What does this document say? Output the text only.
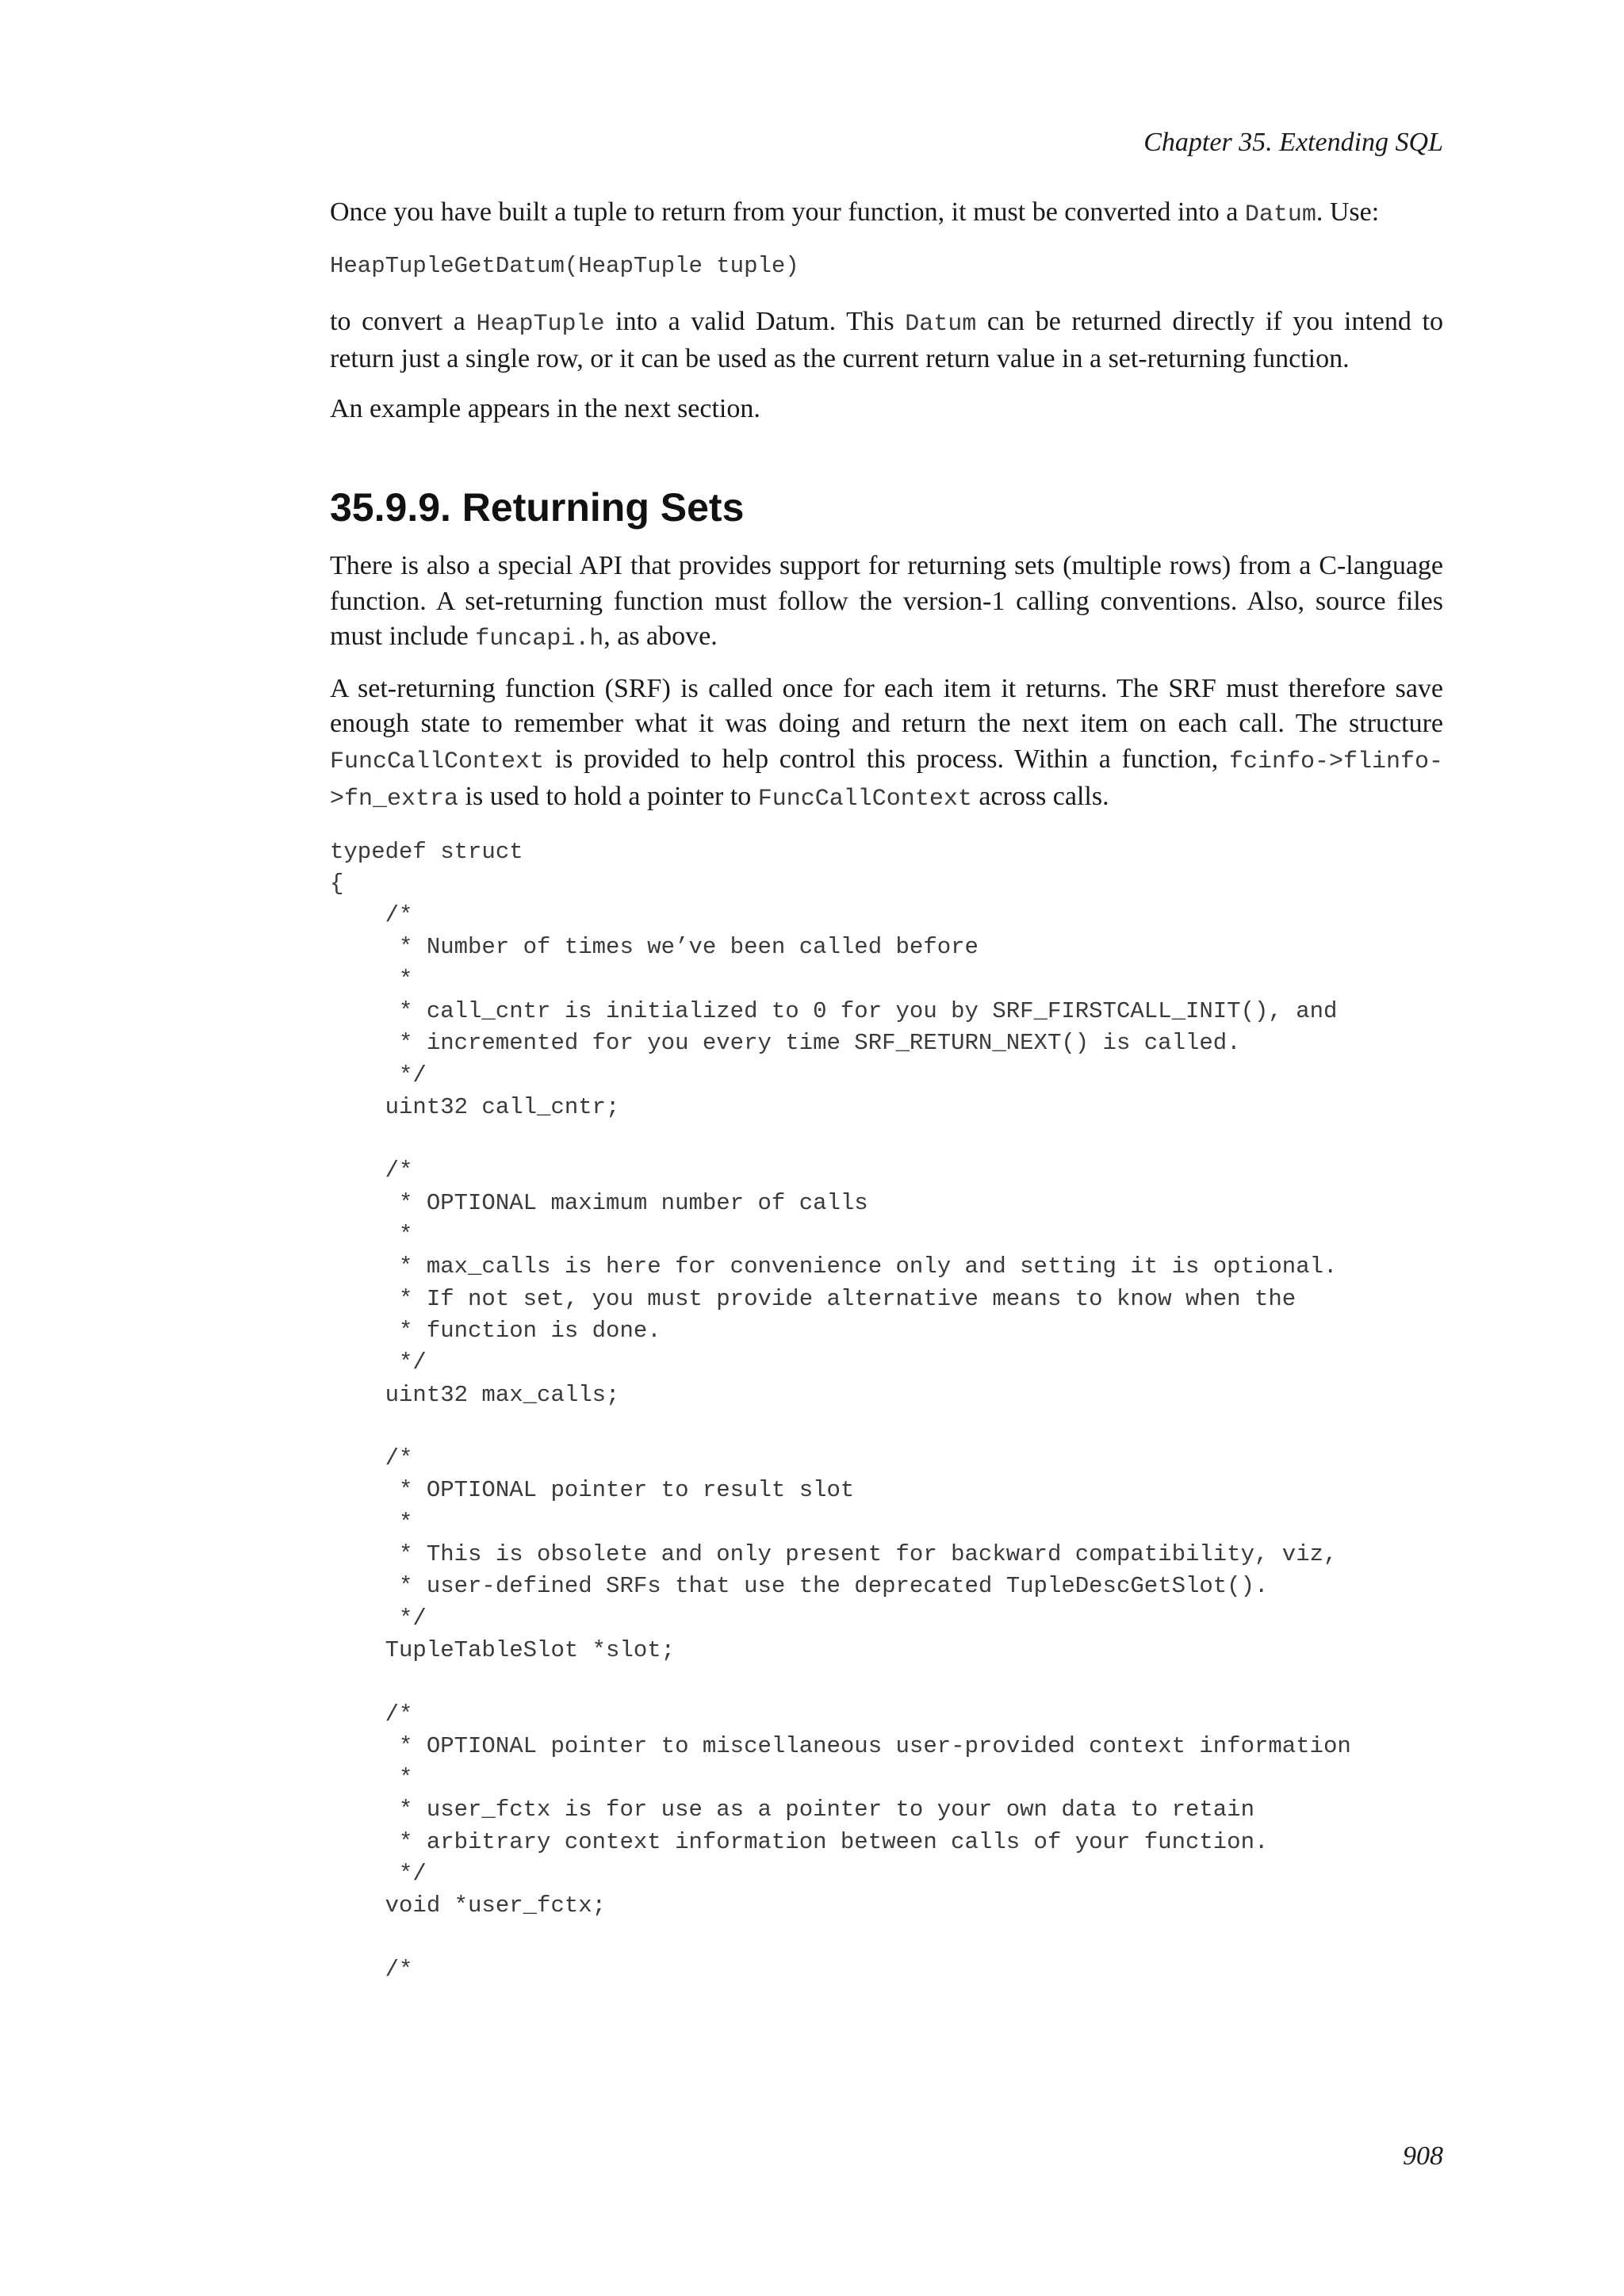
Chapter 35. Extending SQL

Once you have built a tuple to return from your function, it must be converted into a Datum. Use:

HeapTupleGetDatum(HeapTuple tuple)

to convert a HeapTuple into a valid Datum. This Datum can be returned directly if you intend to return just a single row, or it can be used as the current return value in a set-returning function.

An example appears in the next section.

35.9.9. Returning Sets

There is also a special API that provides support for returning sets (multiple rows) from a C-language function. A set-returning function must follow the version-1 calling conventions. Also, source files must include funcapi.h, as above.

A set-returning function (SRF) is called once for each item it returns. The SRF must therefore save enough state to remember what it was doing and return the next item on each call. The structure FuncCallContext is provided to help control this process. Within a function, fcinfo->flinfo->fn_extra is used to hold a pointer to FuncCallContext across calls.

typedef struct
{
/*
* Number of times we’ve been called before
*
* call_cntr is initialized to 0 for you by SRF_FIRSTCALL_INIT(), and
* incremented for you every time SRF_RETURN_NEXT() is called.
*/
uint32 call_cntr;

/*
* OPTIONAL maximum number of calls
*
* max_calls is here for convenience only and setting it is optional.
* If not set, you must provide alternative means to know when the
* function is done.
*/
uint32 max_calls;

/*
* OPTIONAL pointer to result slot
*
* This is obsolete and only present for backward compatibility, viz,
* user-defined SRFs that use the deprecated TupleDescGetSlot().
*/
TupleTableSlot *slot;

/*
* OPTIONAL pointer to miscellaneous user-provided context information
*
* user_fctx is for use as a pointer to your own data to retain
* arbitrary context information between calls of your function.
*/
void *user_fctx;

/*
908
